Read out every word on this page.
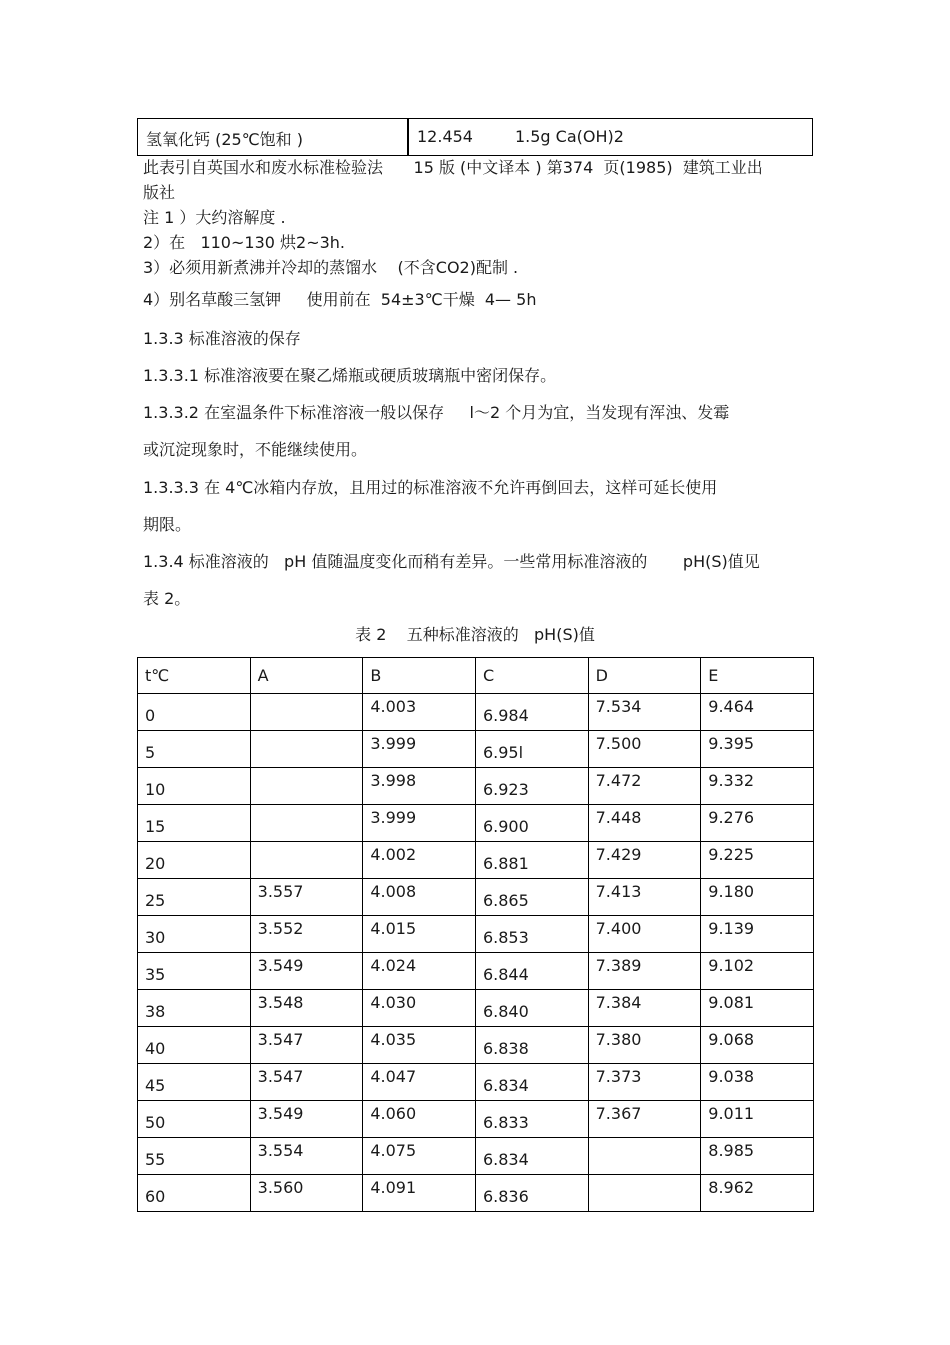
氢氧化钙 (25℃饱和 )	12.454	1.5g Ca(OH)2
此表引自英国水和废水标准检验法      15 版 (中文译本 ) 第374  页(1985)  建筑工业出
版社
注 1 ）大约溶解度 .
2）在   110~130 烘2~3h.
3）必须用新煮沸并冷却的蒸馏水    (不含CO2)配制 .
4）别名草酸三氢钾     使用前在  54±3℃干燥  4— 5h
1.3.3 标准溶液的保存
1.3.3.1 标准溶液要在聚乙烯瓶或硬质玻璃瓶中密闭保存。
1.3.3.2 在室温条件下标准溶液一般以保存     l～2 个月为宜，当发现有浑浊、发霉
或沉淀现象时，不能继续使用。
1.3.3.3 在 4℃冰箱内存放，且用过的标准溶液不允许再倒回去，这样可延长使用
期限。
1.3.4 标准溶液的   pH 值随温度变化而稍有差异。一些常用标准溶液的       pH(S)值见
表 2。
表 2    五种标准溶液的   pH(S)值
t℃	A	B	C	D	E

0		4.003	6.984	7.534	9.464

5		3.999	6.95l	7.500	9.395

10		3.998	6.923	7.472	9.332

15		3.999	6.900	7.448	9.276

20		4.002	6.881	7.429	9.225

25	3.557	4.008	6.865	7.413	9.180

30	3.552	4.015	6.853	7.400	9.139

35	3.549	4.024	6.844	7.389	9.102

38	3.548	4.030	6.840	7.384	9.081

40	3.547	4.035	6.838	7.380	9.068

45	3.547	4.047	6.834	7.373	9.038

50	3.549	4.060	6.833	7.367	9.011

55	3.554	4.075	6.834		8.985

60	3.560	4.091	6.836		8.962
